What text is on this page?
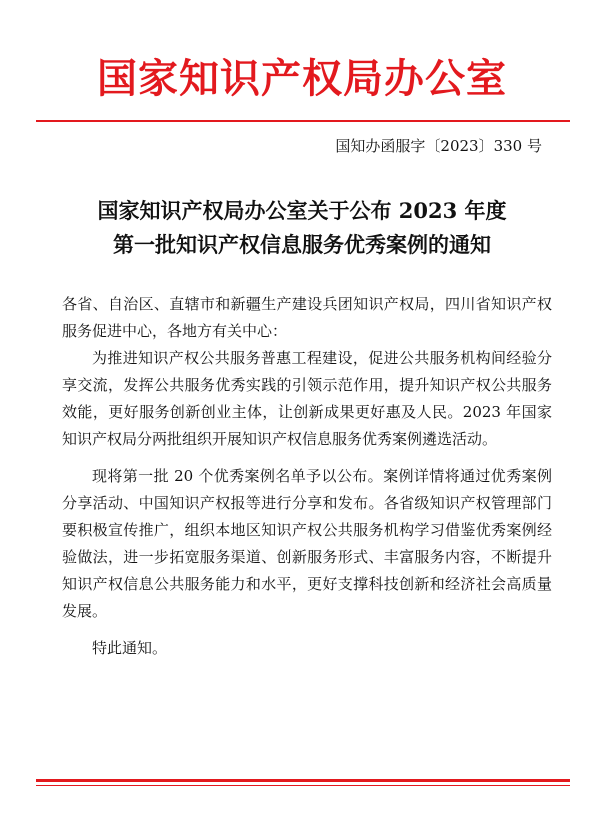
国家知识产权局办公室
国知办函服字〔2023〕330 号
国家知识产权局办公室关于公布 2023 年度
第一批知识产权信息服务优秀案例的通知

各省、自治区、直辖市和新疆生产建设兵团知识产权局，四川省知识产权服务促进中心，各地方有关中心：

为推进知识产权公共服务普惠工程建设，促进公共服务机构间经验分享交流，发挥公共服务优秀实践的引领示范作用，提升知识产权公共服务效能，更好服务创新创业主体，让创新成果更好惠及人民。2023 年国家知识产权局分两批组织开展知识产权信息服务优秀案例遴选活动。

现将第一批 20 个优秀案例名单予以公布。案例详情将通过优秀案例分享活动、中国知识产权报等进行分享和发布。各省级知识产权管理部门要积极宣传推广，组织本地区知识产权公共服务机构学习借鉴优秀案例经验做法，进一步拓宽服务渠道、创新服务形式、丰富服务内容，不断提升知识产权信息公共服务能力和水平，更好支撑科技创新和经济社会高质量发展。

特此通知。
